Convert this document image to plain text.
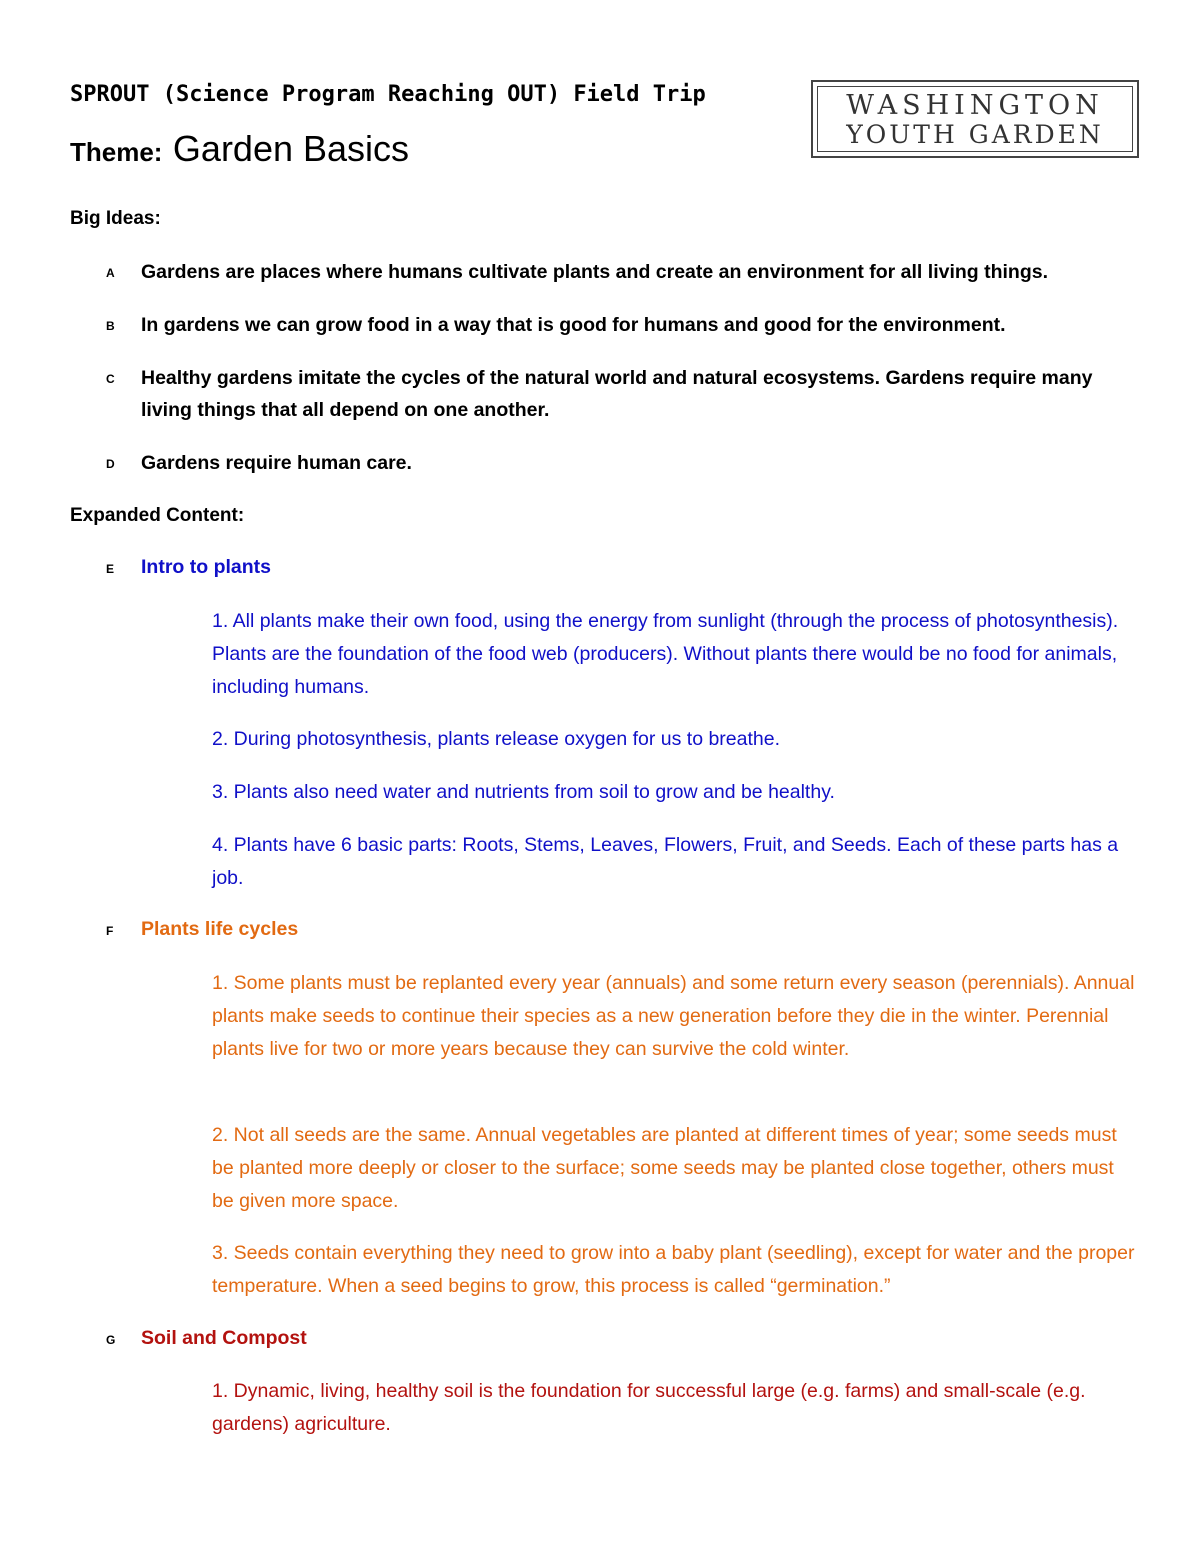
SPROUT (Science Program Reaching OUT) Field Trip
Theme: Garden Basics
WASHINGTON
YOUTH GARDEN
Big Ideas:
A Gardens are places where humans cultivate plants and create an environment for all living things.
B In gardens we can grow food in a way that is good for humans and good for the environment.
C Healthy gardens imitate the cycles of the natural world and natural ecosystems. Gardens require many living things that all depend on one another.
D Gardens require human care.
Expanded Content:
E Intro to plants
1. All plants make their own food, using the energy from sunlight (through the process of photosynthesis). Plants are the foundation of the food web (producers). Without plants there would be no food for animals, including humans.
2. During photosynthesis, plants release oxygen for us to breathe.
3. Plants also need water and nutrients from soil to grow and be healthy.
4. Plants have 6 basic parts: Roots, Stems, Leaves, Flowers, Fruit, and Seeds. Each of these parts has a job.
F Plants life cycles
1. Some plants must be replanted every year (annuals) and some return every season (perennials). Annual plants make seeds to continue their species as a new generation before they die in the winter. Perennial plants live for two or more years because they can survive the cold winter.
2. Not all seeds are the same. Annual vegetables are planted at different times of year; some seeds must be planted more deeply or closer to the surface; some seeds may be planted close together, others must be given more space.
3. Seeds contain everything they need to grow into a baby plant (seedling), except for water and the proper temperature. When a seed begins to grow, this process is called “germination.”
G Soil and Compost
1. Dynamic, living, healthy soil is the foundation for successful large (e.g. farms) and small-scale (e.g. gardens) agriculture.
